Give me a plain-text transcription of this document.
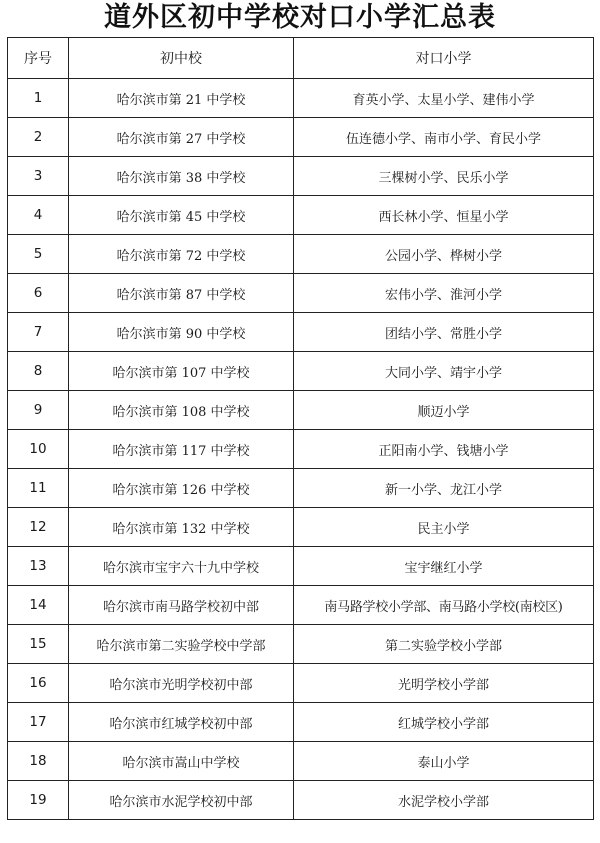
道外区初中学校对口小学汇总表
序号	初中校	对口小学
1	哈尔滨市第 21 中学校	育英小学、太星小学、建伟小学
2	哈尔滨市第 27 中学校	伍连德小学、南市小学、育民小学
3	哈尔滨市第 38 中学校	三棵树小学、民乐小学
4	哈尔滨市第 45 中学校	西长林小学、恒星小学
5	哈尔滨市第 72 中学校	公园小学、桦树小学
6	哈尔滨市第 87 中学校	宏伟小学、淮河小学
7	哈尔滨市第 90 中学校	团结小学、常胜小学
8	哈尔滨市第 107 中学校	大同小学、靖宇小学
9	哈尔滨市第 108 中学校	顺迈小学
10	哈尔滨市第 117 中学校	正阳南小学、钱塘小学
11	哈尔滨市第 126 中学校	新一小学、龙江小学
12	哈尔滨市第 132 中学校	民主小学
13	哈尔滨市宝宇六十九中学校	宝宇继红小学
14	哈尔滨市南马路学校初中部	南马路学校小学部、南马路小学校(南校区)
15	哈尔滨市第二实验学校中学部	第二实验学校小学部
16	哈尔滨市光明学校初中部	光明学校小学部
17	哈尔滨市红城学校初中部	红城学校小学部
18	哈尔滨市嵩山中学校	泰山小学
19	哈尔滨市水泥学校初中部	水泥学校小学部
